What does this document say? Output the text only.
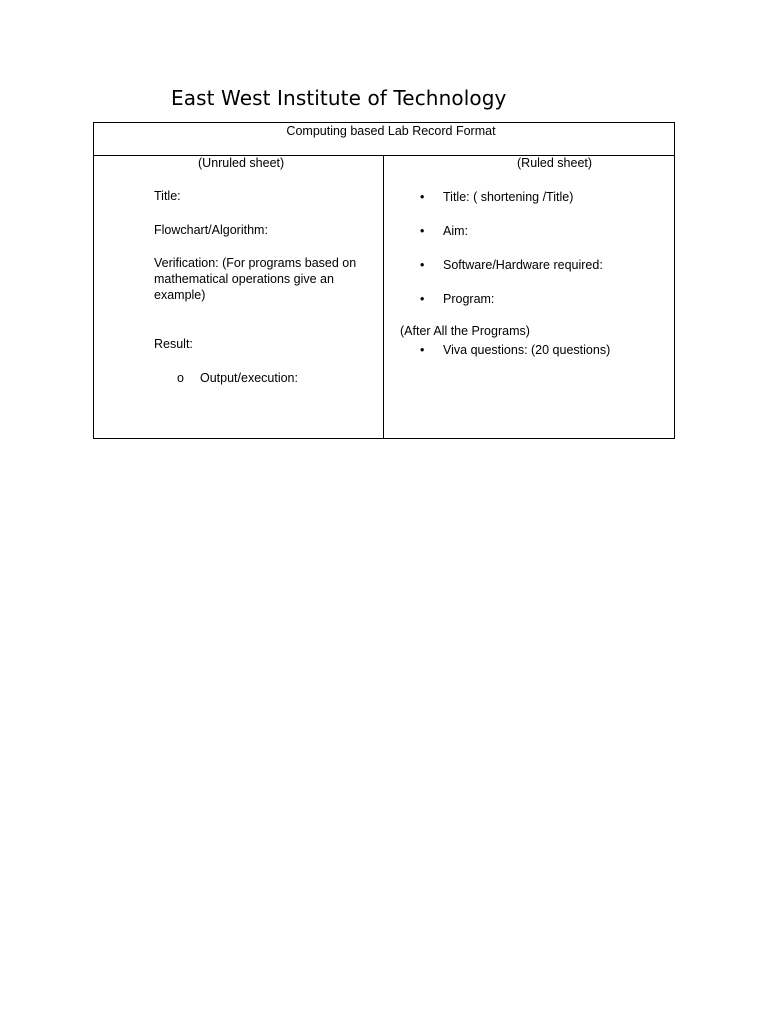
East West Institute of Technology
Computing based Lab Record Format
(Unruled sheet)
Title:
Flowchart/Algorithm:
Verification: (For programs based on
mathematical operations give an
example)
Result:
o Output/execution:
(Ruled sheet)
• Title: ( shortening /Title)
• Aim:
• Software/Hardware required:
• Program:
(After All the Programs)
• Viva questions: (20 questions)
